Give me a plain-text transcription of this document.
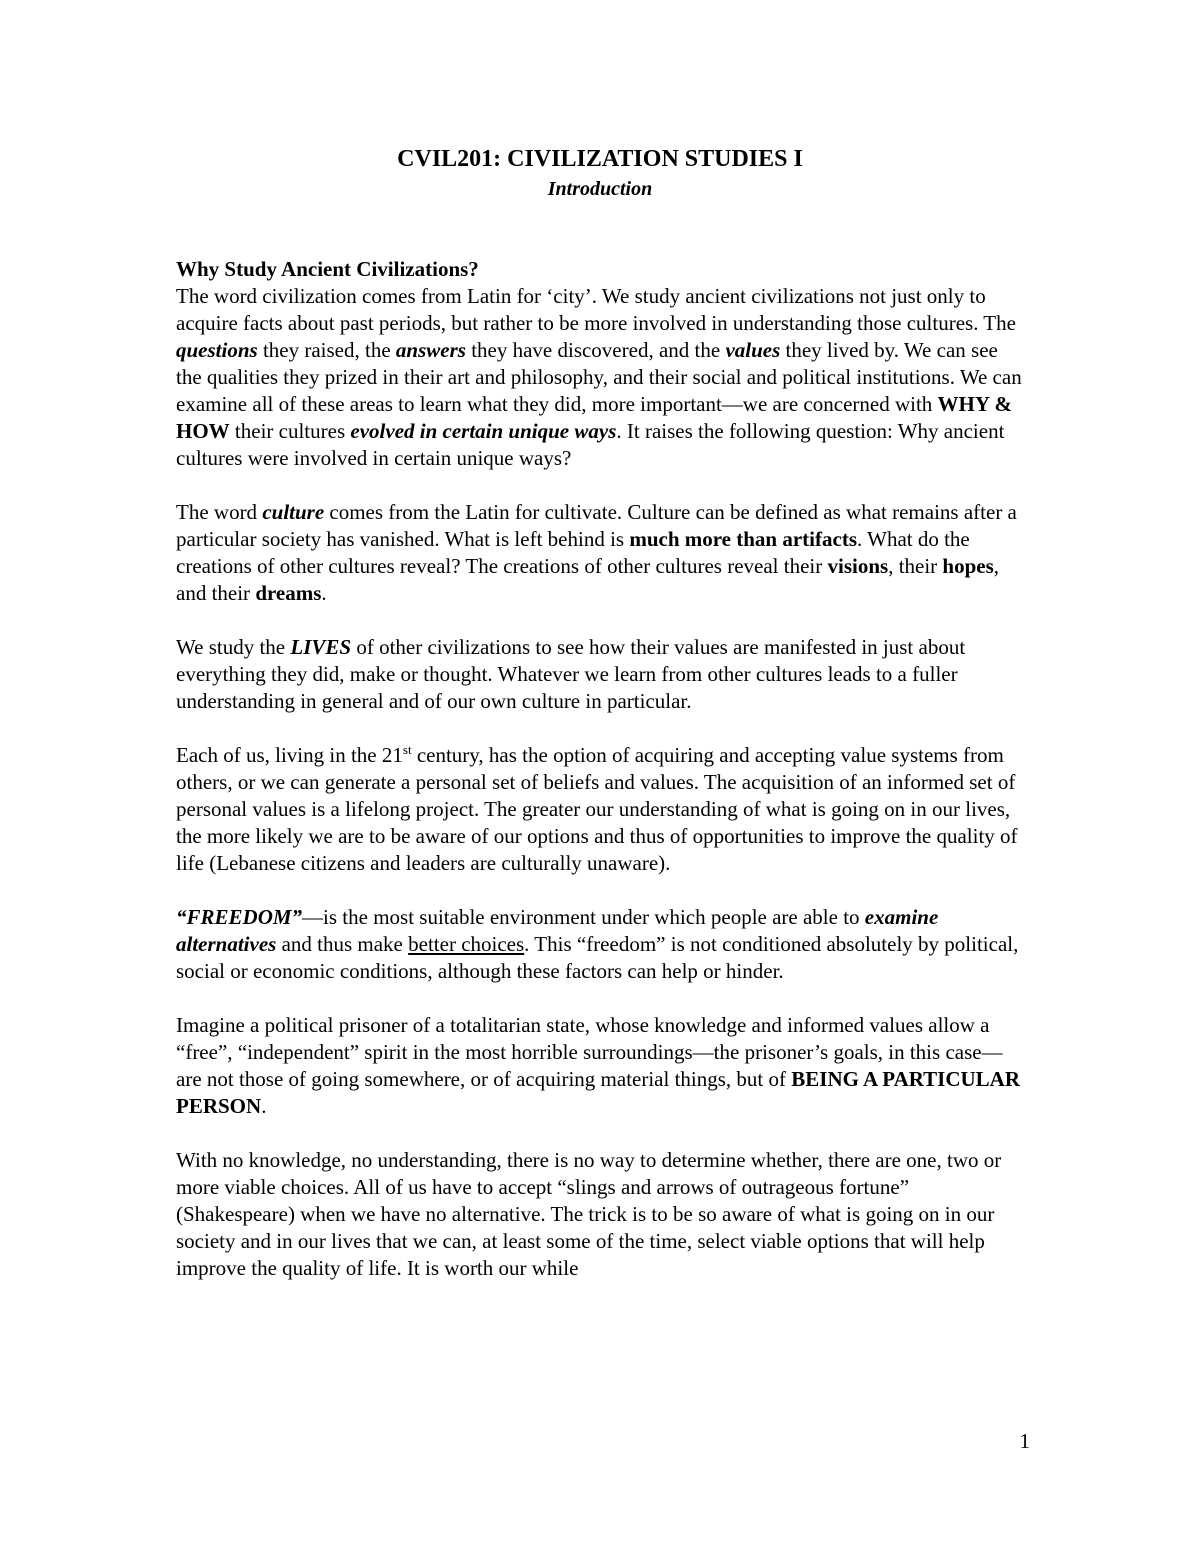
CVIL201: CIVILIZATION STUDIES I
Introduction

Why Study Ancient Civilizations?

The word civilization comes from Latin for ‘city’. We study ancient civilizations not just only to acquire facts about past periods, but rather to be more involved in understanding those cultures. The questions they raised, the answers they have discovered, and the values they lived by. We can see the qualities they prized in their art and philosophy, and their social and political institutions. We can examine all of these areas to learn what they did, more important—we are concerned with WHY & HOW their cultures evolved in certain unique ways. It raises the following question: Why ancient cultures were involved in certain unique ways?

The word culture comes from the Latin for cultivate. Culture can be defined as what remains after a particular society has vanished. What is left behind is much more than artifacts. What do the creations of other cultures reveal? The creations of other cultures reveal their visions, their hopes, and their dreams.

We study the LIVES of other civilizations to see how their values are manifested in just about everything they did, make or thought. Whatever we learn from other cultures leads to a fuller understanding in general and of our own culture in particular.

Each of us, living in the 21st century, has the option of acquiring and accepting value systems from others, or we can generate a personal set of beliefs and values. The acquisition of an informed set of personal values is a lifelong project. The greater our understanding of what is going on in our lives, the more likely we are to be aware of our options and thus of opportunities to improve the quality of life (Lebanese citizens and leaders are culturally unaware).

“FREEDOM”—is the most suitable environment under which people are able to examine alternatives and thus make better choices. This “freedom” is not conditioned absolutely by political, social or economic conditions, although these factors can help or hinder.

Imagine a political prisoner of a totalitarian state, whose knowledge and informed values allow a “free”, “independent” spirit in the most horrible surroundings—the prisoner’s goals, in this case—are not those of going somewhere, or of acquiring material things, but of BEING A PARTICULAR PERSON.

With no knowledge, no understanding, there is no way to determine whether, there are one, two or more viable choices. All of us have to accept “slings and arrows of outrageous fortune” (Shakespeare) when we have no alternative. The trick is to be so aware of what is going on in our society and in our lives that we can, at least some of the time, select viable options that will help improve the quality of life. It is worth our while

1
